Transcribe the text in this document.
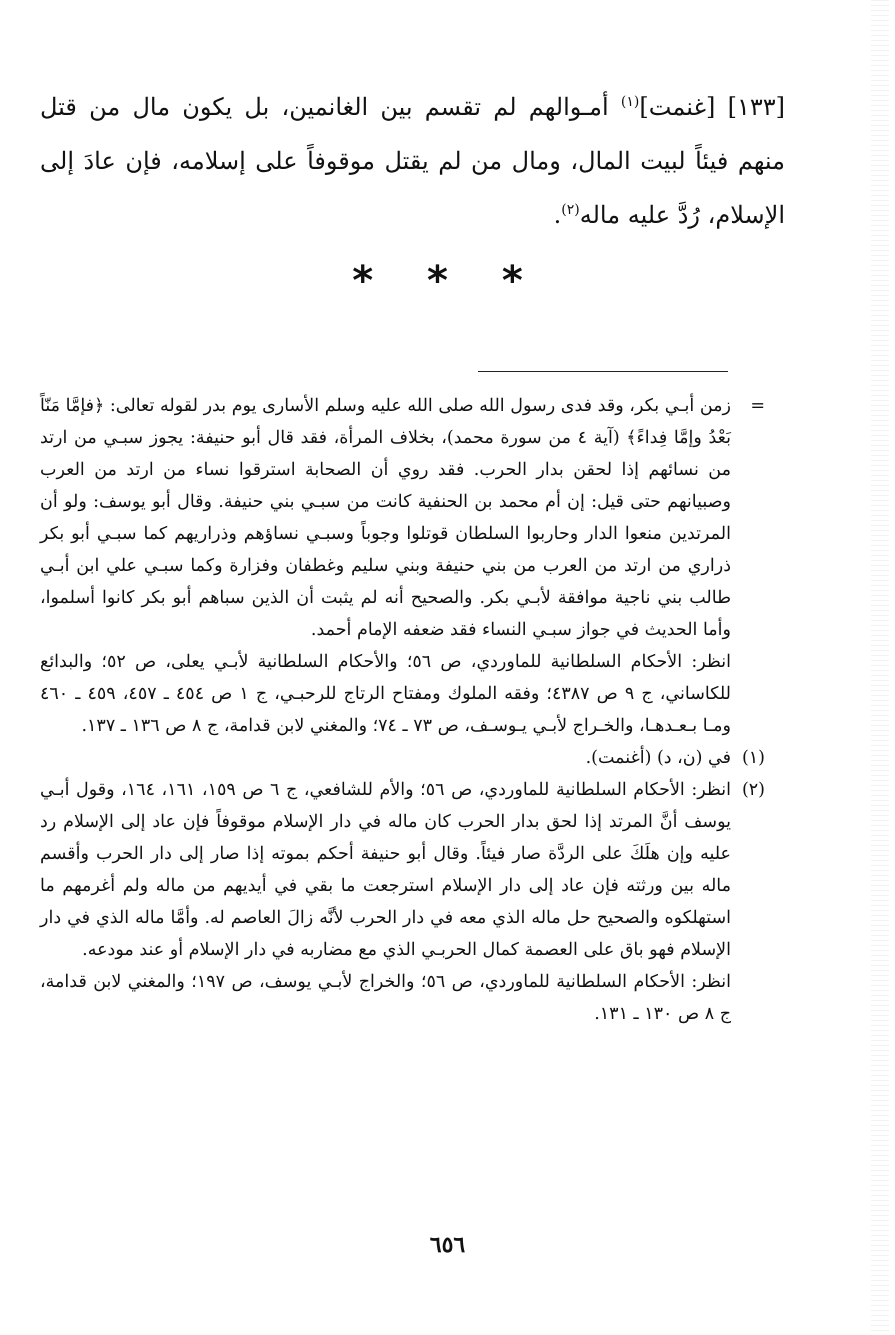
[١٣٣] [غنمت]$^{(١)}$ أمـوالهم لم تقسم بين الغانمين، بل يكون مال من قتل منهم فيئاً لبيت المال، ومال من لم يقتل موقوفاً على إسلامه، فإن عادَ إلى الإسلام، رُدَّ عليه ماله$^{(٢)}$.

* * *
=

زمن أبـي بكر، وقد فدى رسول الله صلى الله عليه وسلم الأسارى يوم بدر لقوله تعالى: ﴿فإمَّا مَنّاً بَعْدُ وإمَّا فِداءً﴾ (آية ٤ من سورة محمد)، بخلاف المرأة، فقد قال أبو حنيفة: يجوز سبـي من ارتد من نسائهم إذا لحقن بدار الحرب. فقد روي أن الصحابة استرقوا نساء من ارتد من العرب وصبيانهم حتى قيل: إن أم محمد بن الحنفية كانت من سبـي بني حنيفة. وقال أبو يوسف: ولو أن المرتدين منعوا الدار وحاربوا السلطان قوتلوا وجوباً وسبـي نساؤهم وذراريهم كما سبـي أبو بكر ذراري من ارتد من العرب من بني حنيفة وبني سليم وغطفان وفزارة وكما سبـي علي ابن أبـي طالب بني ناجية موافقة لأبـي بكر. والصحيح أنه لم يثبت أن الذين سباهم أبو بكر كانوا أسلموا، وأما الحديث في جواز سبـي النساء فقد ضعفه الإمام أحمد.

انظر: الأحكام السلطانية للماوردي، ص ٥٦؛ والأحكام السلطانية لأبـي يعلى، ص ٥٢؛ والبدائع للكاساني، ج ٩ ص ٤٣٨٧؛ وفقه الملوك ومفتاح الرتاج للرحبـي، ج ١ ص ٤٥٤ ـ ٤٥٧، ٤٥٩ ـ ٤٦٠ ومـا بـعـدهـا، والخـراج لأبـي يـوسـف، ص ٧٣ ـ ٧٤؛ والمغني لابن قدامة، ج ٨ ص ١٣٦ ـ ١٣٧.

(١)
في (ن، د) (أغنمت).
(٢)

انظر: الأحكام السلطانية للماوردي، ص ٥٦؛ والأم للشافعي، ج ٦ ص ١٥٩، ١٦١، ١٦٤، وقول أبـي يوسف أنَّ المرتد إذا لحق بدار الحرب كان ماله في دار الإسلام موقوفاً فإن عاد إلى الإسلام رد عليه وإن هلَكَ على الردَّة صار فيئاً. وقال أبو حنيفة أحكم بموته إذا صار إلى دار الحرب وأقسم ماله بين ورثته فإن عاد إلى دار الإسلام استرجعت ما بقي في أيديهم من ماله ولم أغرمهم ما استهلكوه والصحيح حل ماله الذي معه في دار الحرب لأنَّه زالَ العاصم له. وأمَّا ماله الذي في دار الإسلام فهو باق على العصمة كمال الحربـي الذي مع مضاربه في دار الإسلام أو عند مودعه.

انظر: الأحكام السلطانية للماوردي، ص ٥٦؛ والخراج لأبـي يوسف، ص ١٩٧؛ والمغني لابن قدامة، ج ٨ ص ١٣٠ ـ ١٣١.

٦٥٦
